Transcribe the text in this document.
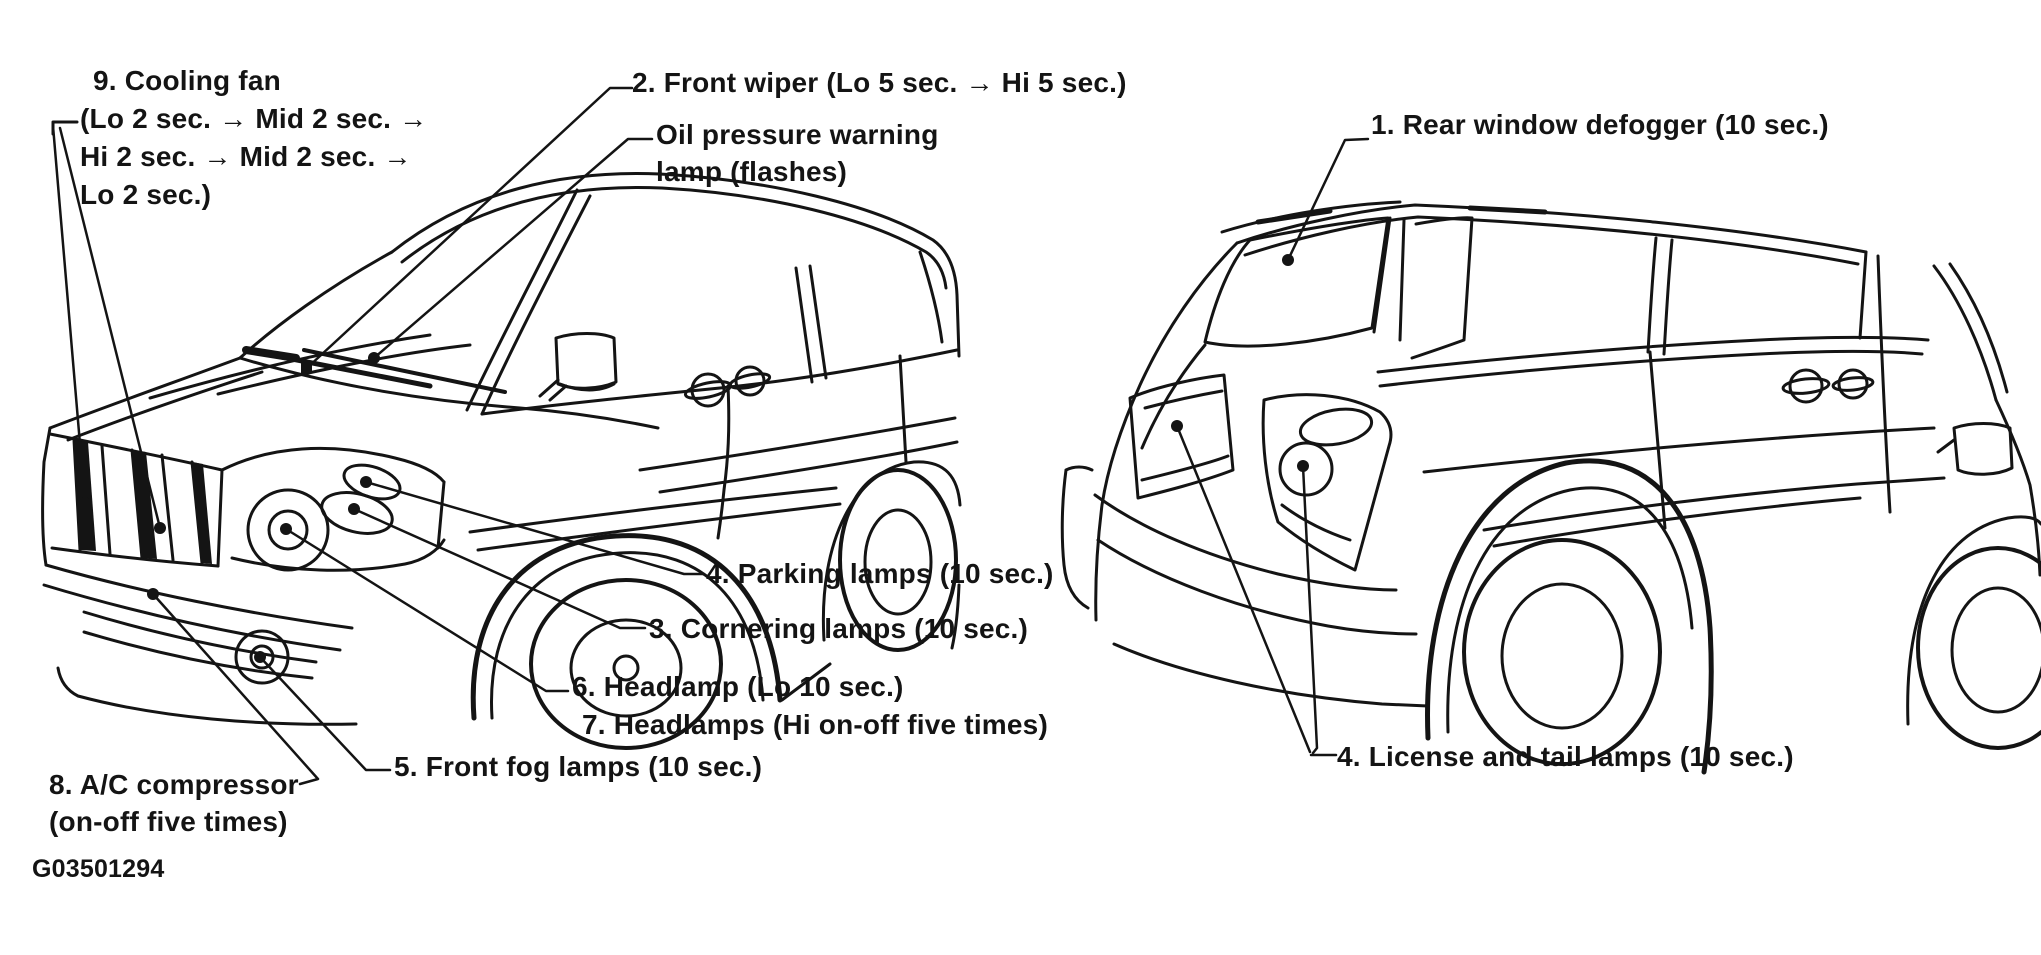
9. Cooling fan
(Lo 2 sec. → Mid 2 sec. →
Hi 2 sec. → Mid 2 sec. →
Lo 2 sec.)
2. Front wiper (Lo 5 sec. → Hi 5 sec.)
Oil pressure warning
lamp (flashes)
1. Rear window defogger (10 sec.)
4. Parking lamps (10 sec.)
3. Cornering lamps (10 sec.)
6. Headlamp (Lo 10 sec.)
7. Headlamps (Hi on-off five times)
5. Front fog lamps (10 sec.)
8. A/C compressor
(on-off five times)
4. License and tail lamps (10 sec.)
G03501294
